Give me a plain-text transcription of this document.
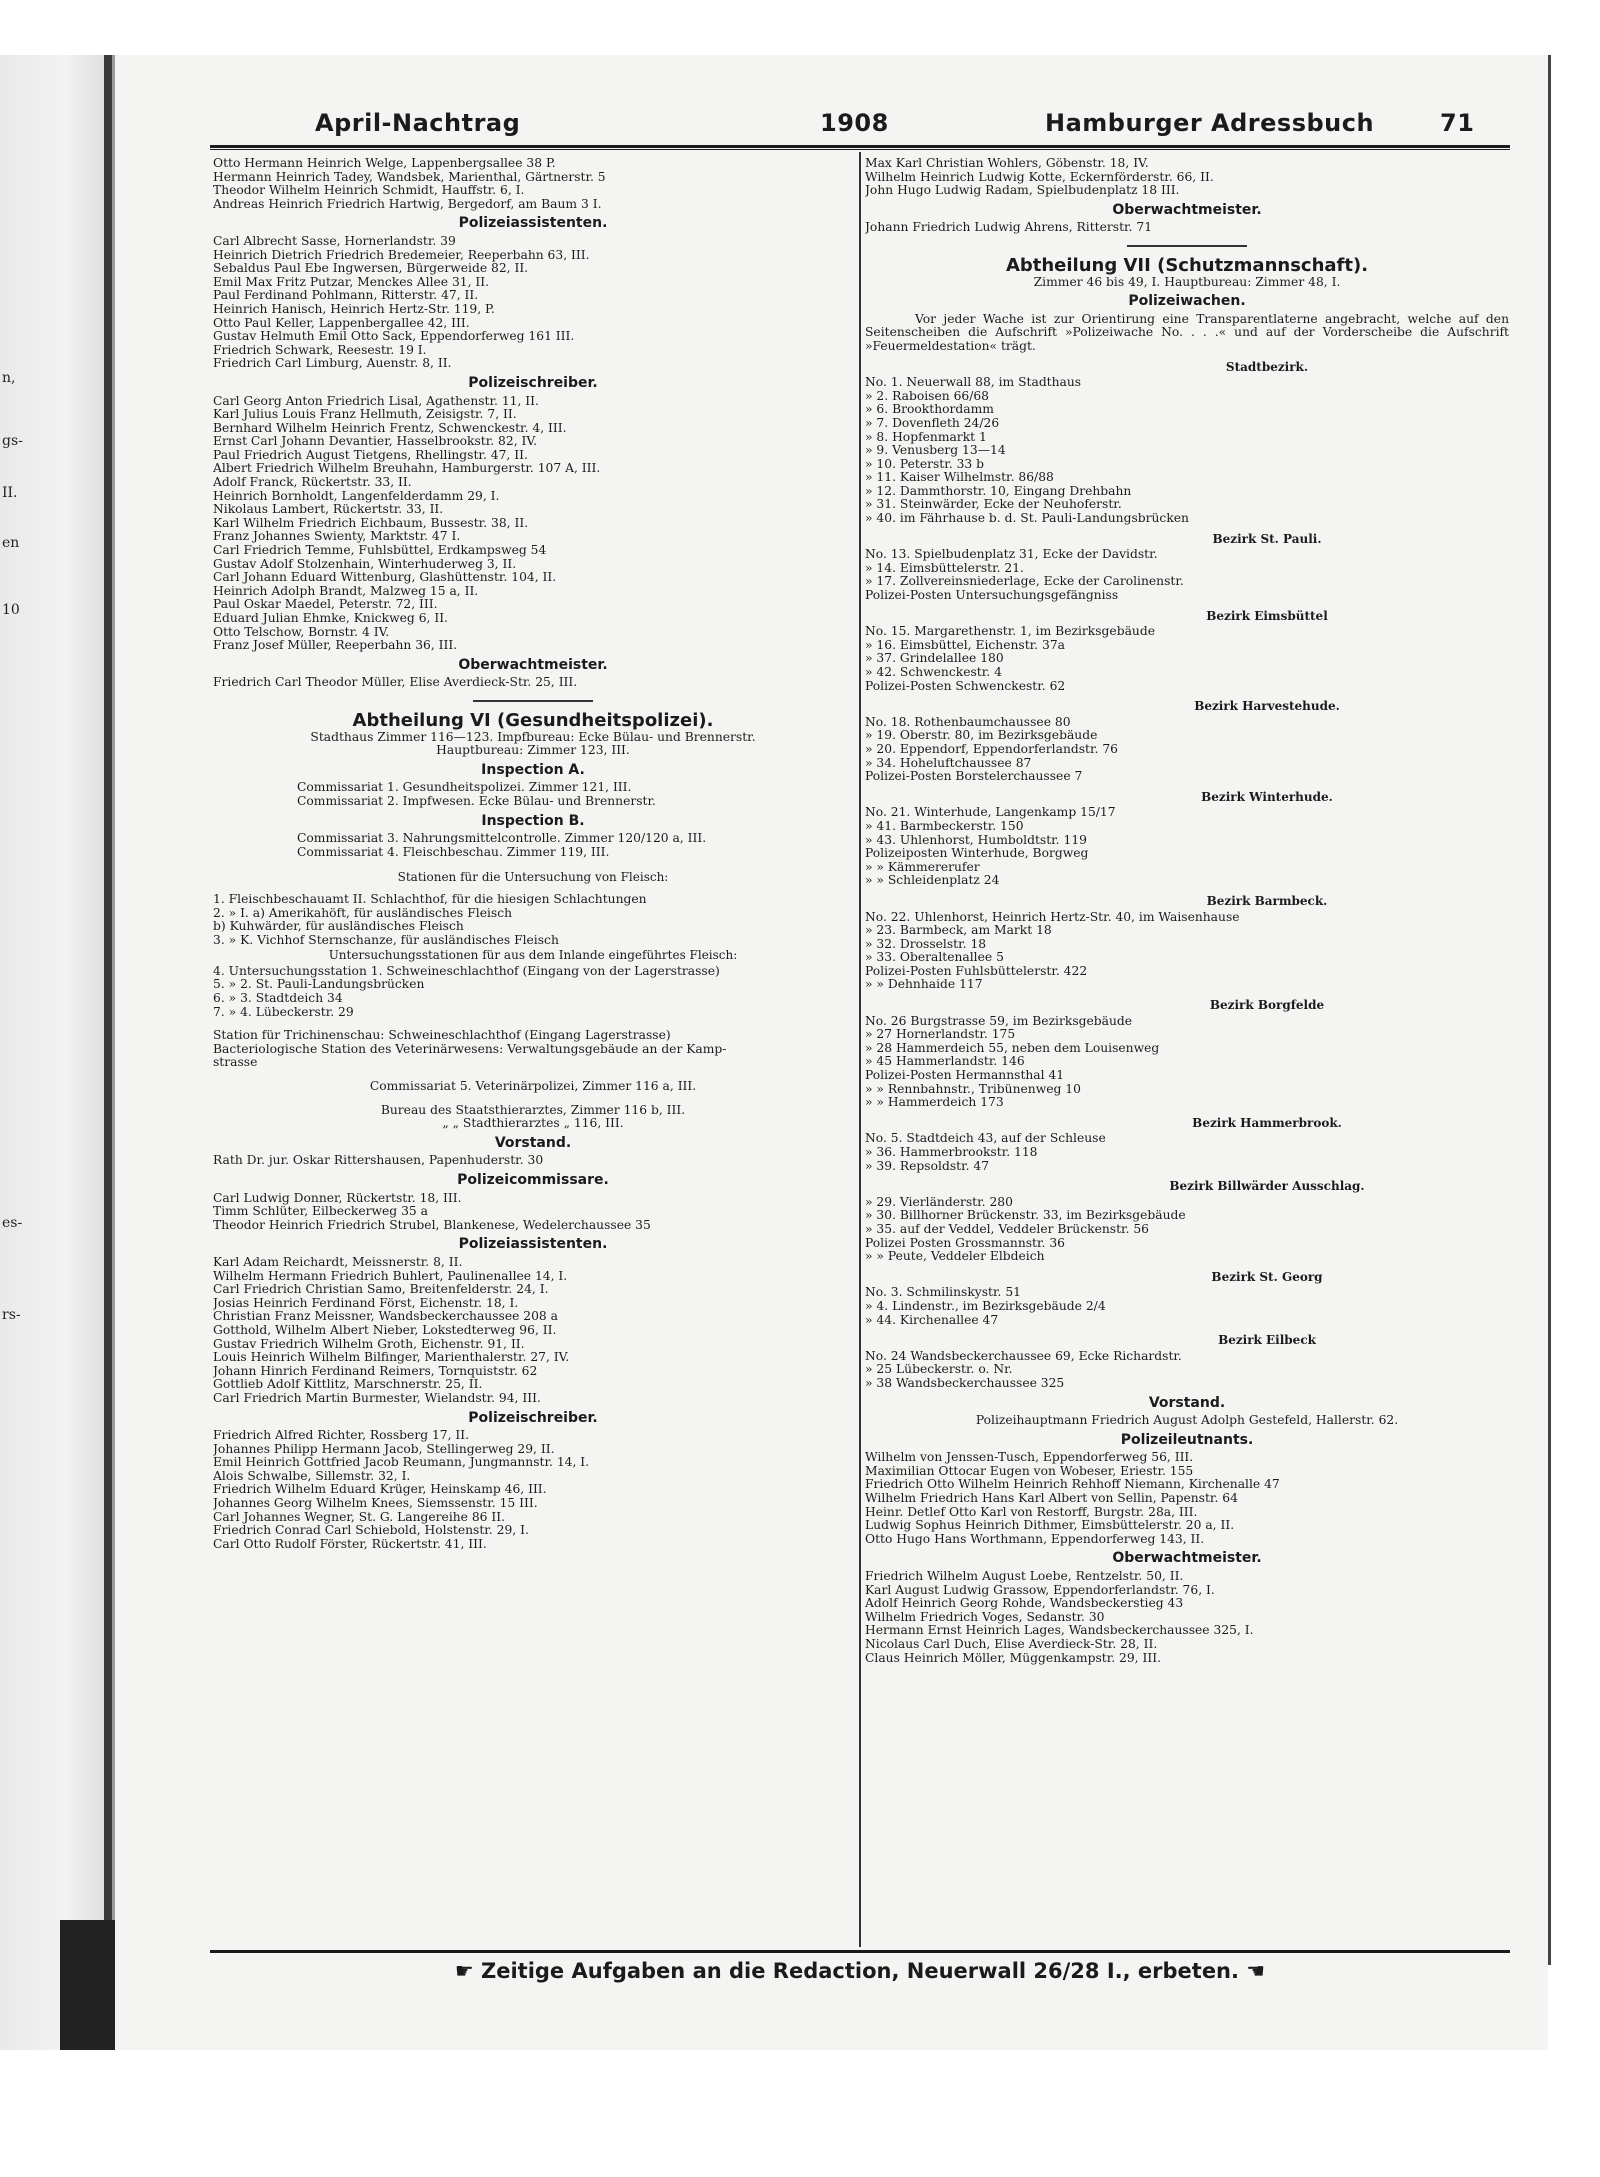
n,
gs-
II.
en
10
es-
rs-
April-Nachtrag	1908	Hamburger Adressbuch	71
Otto Hermann Heinrich Welge, Lappenbergsallee 38 P.
Hermann Heinrich Tadey, Wandsbek, Marienthal, Gärtnerstr. 5
Theodor Wilhelm Heinrich Schmidt, Hauffstr. 6, I.
Andreas Heinrich Friedrich Hartwig, Bergedorf, am Baum 3 I.
Polizeiassistenten.
Carl Albrecht Sasse, Hornerlandstr. 39
Heinrich Dietrich Friedrich Bredemeier, Reeperbahn 63, III.
Sebaldus Paul Ebe Ingwersen, Bürgerweide 82, II.
Emil Max Fritz Putzar, Menckes Allee 31, II.
Paul Ferdinand Pohlmann, Ritterstr. 47, II.
Heinrich Hanisch, Heinrich Hertz-Str. 119, P.
Otto Paul Keller, Lappenbergallee 42, III.
Gustav Helmuth Emil Otto Sack, Eppendorferweg 161 III.
Friedrich Schwark, Reesestr. 19 I.
Friedrich Carl Limburg, Auenstr. 8, II.
Polizeischreiber.
Carl Georg Anton Friedrich Lisal, Agathenstr. 11, II.
Karl Julius Louis Franz Hellmuth, Zeisigstr. 7, II.
Bernhard Wilhelm Heinrich Frentz, Schwenckestr. 4, III.
Ernst Carl Johann Devantier, Hasselbrookstr. 82, IV.
Paul Friedrich August Tietgens, Rhellingstr. 47, II.
Albert Friedrich Wilhelm Breuhahn, Hamburgerstr. 107 A, III.
Adolf Franck, Rückertstr. 33, II.
Heinrich Bornholdt, Langenfelderdamm 29, I.
Nikolaus Lambert, Rückertstr. 33, II.
Karl Wilhelm Friedrich Eichbaum, Bussestr. 38, II.
Franz Johannes Swienty, Marktstr. 47 I.
Carl Friedrich Temme, Fuhlsbüttel, Erdkampsweg 54
Gustav Adolf Stolzenhain, Winterhuderweg 3, II.
Carl Johann Eduard Wittenburg, Glashüttenstr. 104, II.
Heinrich Adolph Brandt, Malzweg 15 a, II.
Paul Oskar Maedel, Peterstr. 72, III.
Eduard Julian Ehmke, Knickweg 6, II.
Otto Telschow, Bornstr. 4 IV.
Franz Josef Müller, Reeperbahn 36, III.
Oberwachtmeister.
Friedrich Carl Theodor Müller, Elise Averdieck-Str. 25, III.
Abtheilung VI (Gesundheitspolizei).
Stadthaus Zimmer 116—123. Impfbureau: Ecke Bülau- und Brennerstr.
Hauptbureau: Zimmer 123, III.
Inspection A.
Commissariat 1. Gesundheitspolizei. Zimmer 121, III.
Commissariat 2. Impfwesen. Ecke Bülau- und Brennerstr.
Inspection B.
Commissariat 3. Nahrungsmittelcontrolle. Zimmer 120/120 a, III.
Commissariat 4. Fleischbeschau. Zimmer 119, III.
Stationen für die Untersuchung von Fleisch:
1. Fleischbeschauamt II. Schlachthof, für die hiesigen Schlachtungen
2. » I. a) Amerikahöft, für ausländisches Fleisch
b) Kuhwärder, für ausländisches Fleisch
3. » K. Vichhof Sternschanze, für ausländisches Fleisch
Untersuchungsstationen für aus dem Inlande eingeführtes Fleisch:
4. Untersuchungsstation 1. Schweineschlachthof (Eingang von der Lagerstrasse)
5. » 2. St. Pauli-Landungsbrücken
6. » 3. Stadtdeich 34
7. » 4. Lübeckerstr. 29
Station für Trichinenschau: Schweineschlachthof (Eingang Lagerstrasse)
Bacteriologische Station des Veterinärwesens: Verwaltungsgebäude an der Kamp-
strasse
Commissariat 5. Veterinärpolizei, Zimmer 116 a, III.
Bureau des Staatsthierarztes, Zimmer 116 b, III.
„ „ Stadthierarztes „ 116, III.
Vorstand.
Rath Dr. jur. Oskar Rittershausen, Papenhuderstr. 30
Polizeicommissare.
Carl Ludwig Donner, Rückertstr. 18, III.
Timm Schlüter, Eilbeckerweg 35 a
Theodor Heinrich Friedrich Strubel, Blankenese, Wedelerchaussee 35
Polizeiassistenten.
Karl Adam Reichardt, Meissnerstr. 8, II.
Wilhelm Hermann Friedrich Buhlert, Paulinenallee 14, I.
Carl Friedrich Christian Samo, Breitenfelderstr. 24, I.
Josias Heinrich Ferdinand Först, Eichenstr. 18, I.
Christian Franz Meissner, Wandsbeckerchaussee 208 a
Gotthold, Wilhelm Albert Nieber, Lokstedterweg 96, II.
Gustav Friedrich Wilhelm Groth, Eichenstr. 91, II.
Louis Heinrich Wilhelm Bilfinger, Marienthalerstr. 27, IV.
Johann Hinrich Ferdinand Reimers, Tornquiststr. 62
Gottlieb Adolf Kittlitz, Marschnerstr. 25, II.
Carl Friedrich Martin Burmester, Wielandstr. 94, III.
Polizeischreiber.
Friedrich Alfred Richter, Rossberg 17, II.
Johannes Philipp Hermann Jacob, Stellingerweg 29, II.
Emil Heinrich Gottfried Jacob Reumann, Jungmannstr. 14, I.
Alois Schwalbe, Sillemstr. 32, I.
Friedrich Wilhelm Eduard Krüger, Heinskamp 46, III.
Johannes Georg Wilhelm Knees, Siemssenstr. 15 III.
Carl Johannes Wegner, St. G. Langereihe 86 II.
Friedrich Conrad Carl Schiebold, Holstenstr. 29, I.
Carl Otto Rudolf Förster, Rückertstr. 41, III.
Max Karl Christian Wohlers, Göbenstr. 18, IV.
Wilhelm Heinrich Ludwig Kotte, Eckernförderstr. 66, II.
John Hugo Ludwig Radam, Spielbudenplatz 18 III.
Oberwachtmeister.
Johann Friedrich Ludwig Ahrens, Ritterstr. 71
Abtheilung VII (Schutzmannschaft).
Zimmer 46 bis 49, I. Hauptbureau: Zimmer 48, I.
Polizeiwachen.
Vor jeder Wache ist zur Orientirung eine Transparentlaterne angebracht, welche auf den Seitenscheiben die Aufschrift »Polizeiwache No. . . .« und auf der Vorderscheibe die Aufschrift »Feuermeldestation« trägt.
Stadtbezirk.
No. 1. Neuerwall 88, im Stadthaus
» 2. Raboisen 66/68
» 6. Brookthordamm
» 7. Dovenfleth 24/26
» 8. Hopfenmarkt 1
» 9. Venusberg 13—14
» 10. Peterstr. 33 b
» 11. Kaiser Wilhelmstr. 86/88
» 12. Dammthorstr. 10, Eingang Drehbahn
» 31. Steinwärder, Ecke der Neuhoferstr.
» 40. im Fährhause b. d. St. Pauli-Landungsbrücken
Bezirk St. Pauli.
No. 13. Spielbudenplatz 31, Ecke der Davidstr.
» 14. Eimsbüttelerstr. 21.
» 17. Zollvereinsniederlage, Ecke der Carolinenstr.
Polizei-Posten Untersuchungsgefängniss
Bezirk Eimsbüttel
No. 15. Margarethenstr. 1, im Bezirksgebäude
» 16. Eimsbüttel, Eichenstr. 37a
» 37. Grindelallee 180
» 42. Schwenckestr. 4
Polizei-Posten Schwenckestr. 62
Bezirk Harvestehude.
No. 18. Rothenbaumchaussee 80
» 19. Oberstr. 80, im Bezirksgebäude
» 20. Eppendorf, Eppendorferlandstr. 76
» 34. Hoheluftchaussee 87
Polizei-Posten Borstelerchaussee 7
Bezirk Winterhude.
No. 21. Winterhude, Langenkamp 15/17
» 41. Barmbeckerstr. 150
» 43. Uhlenhorst, Humboldtstr. 119
Polizeiposten Winterhude, Borgweg
» » Kämmererufer
» » Schleidenplatz 24
Bezirk Barmbeck.
No. 22. Uhlenhorst, Heinrich Hertz-Str. 40, im Waisenhause
» 23. Barmbeck, am Markt 18
» 32. Drosselstr. 18
» 33. Oberaltenallee 5
Polizei-Posten Fuhlsbüttelerstr. 422
» » Dehnhaide 117
Bezirk Borgfelde
No. 26 Burgstrasse 59, im Bezirksgebäude
» 27 Hornerlandstr. 175
» 28 Hammerdeich 55, neben dem Louisenweg
» 45 Hammerlandstr. 146
Polizei-Posten Hermannsthal 41
» » Rennbahnstr., Tribünenweg 10
» » Hammerdeich 173
Bezirk Hammerbrook.
No. 5. Stadtdeich 43, auf der Schleuse
» 36. Hammerbrookstr. 118
» 39. Repsoldstr. 47
Bezirk Billwärder Ausschlag.
» 29. Vierländerstr. 280
» 30. Billhorner Brückenstr. 33, im Bezirksgebäude
» 35. auf der Veddel, Veddeler Brückenstr. 56
Polizei Posten Grossmannstr. 36
» » Peute, Veddeler Elbdeich
Bezirk St. Georg
No. 3. Schmilinskystr. 51
» 4. Lindenstr., im Bezirksgebäude 2/4
» 44. Kirchenallee 47
Bezirk Eilbeck
No. 24 Wandsbeckerchaussee 69, Ecke Richardstr.
» 25 Lübeckerstr. o. Nr.
» 38 Wandsbeckerchaussee 325
Vorstand.
Polizeihauptmann Friedrich August Adolph Gestefeld, Hallerstr. 62.
Polizeileutnants.
Wilhelm von Jenssen-Tusch, Eppendorferweg 56, III.
Maximilian Ottocar Eugen von Wobeser, Eriestr. 155
Friedrich Otto Wilhelm Heinrich Rehhoff Niemann, Kirchenalle 47
Wilhelm Friedrich Hans Karl Albert von Sellin, Papenstr. 64
Heinr. Detlef Otto Karl von Restorff, Burgstr. 28a, III.
Ludwig Sophus Heinrich Dithmer, Eimsbüttelerstr. 20 a, II.
Otto Hugo Hans Worthmann, Eppendorferweg 143, II.
Oberwachtmeister.
Friedrich Wilhelm August Loebe, Rentzelstr. 50, II.
Karl August Ludwig Grassow, Eppendorferlandstr. 76, I.
Adolf Heinrich Georg Rohde, Wandsbeckerstieg 43
Wilhelm Friedrich Voges, Sedanstr. 30
Hermann Ernst Heinrich Lages, Wandsbeckerchaussee 325, I.
Nicolaus Carl Duch, Elise Averdieck-Str. 28, II.
Claus Heinrich Möller, Müggenkampstr. 29, III.
☛ Zeitige Aufgaben an die Redaction, Neuerwall 26/28 I., erbeten. ☚
